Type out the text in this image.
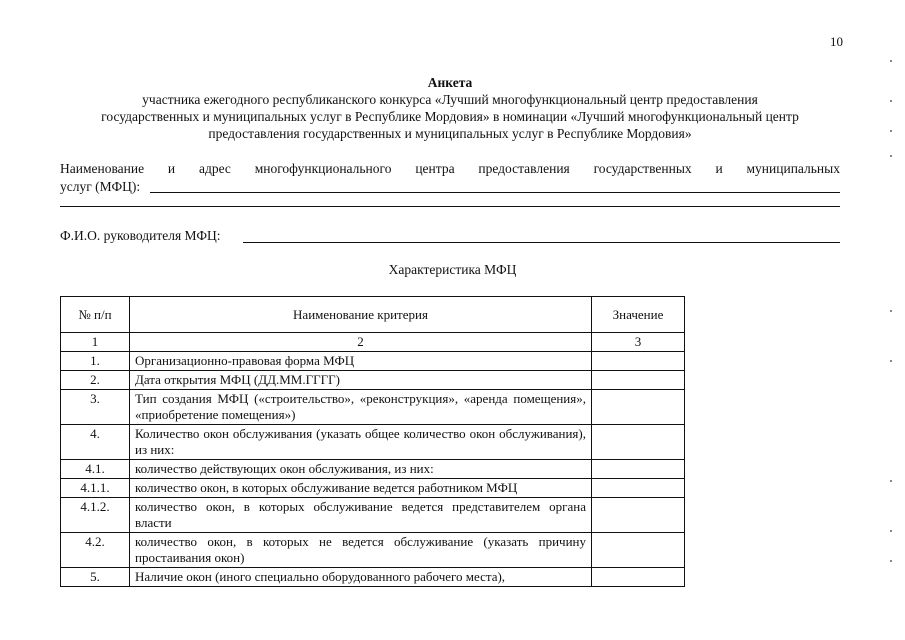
10
Анкета
участника ежегодного республиканского конкурса «Лучший многофункциональный центр предоставления
государственных и муниципальных услуг в Республике Мордовия» в номинации «Лучший многофункциональный центр
предоставления государственных и муниципальных услуг в Республике Мордовия»
Наименование и адрес многофункционального центра предоставления государственных и муниципальных
услуг (МФЦ):
Ф.И.О. руководителя МФЦ:
Характеристика МФЦ
№ п/п	Наименование критерия	Значение
1	2	3
1.	Организационно-правовая форма МФЦ	
2.	Дата открытия МФЦ (ДД.ММ.ГГГГ)	
3.	Тип создания МФЦ («строительство», «реконструкция», «аренда помещения», «приобретение помещения»)	
4.	Количество окон обслуживания (указать общее количество окон обслуживания), из них:	
4.1.	количество действующих окон обслуживания, из них:	
4.1.1.	количество окон, в которых обслуживание ведется работником МФЦ	
4.1.2.	количество окон, в которых обслуживание ведется представителем органа власти	
4.2.	количество окон, в которых не ведется обслуживание (указать причину простаивания окон)	
5.	Наличие окон (иного специально оборудованного рабочего места),	
